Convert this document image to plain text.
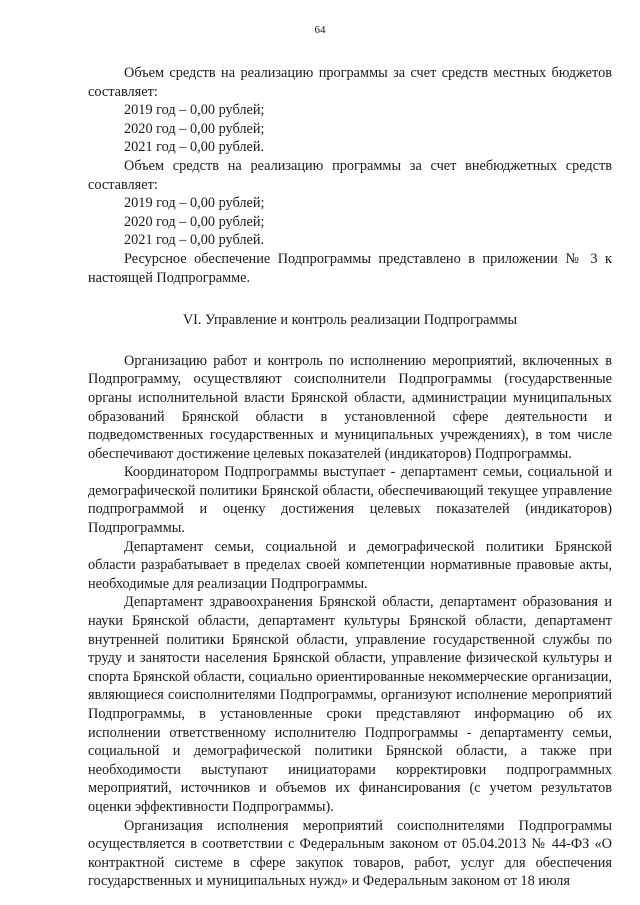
64

Объем средств на реализацию программы за счет средств местных бюджетов составляет:

2019 год – 0,00 рублей;

2020 год – 0,00 рублей;

2021 год – 0,00 рублей.

Объем средств на реализацию программы за счет внебюджетных средств составляет:

2019 год – 0,00 рублей;

2020 год – 0,00 рублей;

2021 год – 0,00 рублей.

Ресурсное обеспечение Подпрограммы представлено в приложении № 3 к настоящей Подпрограмме.

VI. Управление и контроль реализации Подпрограммы

Организацию работ и контроль по исполнению мероприятий, включенных в Подпрограмму, осуществляют соисполнители Подпрограммы (государственные органы исполнительной власти Брянской области, администрации муниципальных образований Брянской области в установленной сфере деятельности и подведомственных государственных и муниципальных учреждениях), в том числе обеспечивают достижение целевых показателей (индикаторов) Подпрограммы.

Координатором Подпрограммы выступает - департамент семьи, социальной и демографической политики Брянской области, обеспечивающий текущее управление подпрограммой и оценку достижения целевых показателей (индикаторов) Подпрограммы.

Департамент семьи, социальной и демографической политики Брянской области разрабатывает в пределах своей компетенции нормативные правовые акты, необходимые для реализации Подпрограммы.

Департамент здравоохранения Брянской области, департамент образования и науки Брянской области, департамент культуры Брянской области, департамент внутренней политики Брянской области, управление государственной службы по труду и занятости населения Брянской области, управление физической культуры и спорта Брянской области, социально ориентированные некоммерческие организации, являющиеся соисполнителями Подпрограммы, организуют исполнение мероприятий Подпрограммы, в установленные сроки представляют информацию об их исполнении ответственному исполнителю Подпрограммы - департаменту семьи, социальной и демографической политики Брянской области, а также при необходимости выступают инициаторами корректировки подпрограммных мероприятий, источников и объемов их финансирования (с учетом результатов оценки эффективности Подпрограммы).

Организация исполнения мероприятий соисполнителями Подпрограммы осуществляется в соответствии с Федеральным законом от 05.04.2013 № 44-ФЗ «О контрактной системе в сфере закупок товаров, работ, услуг для обеспечения государственных и муниципальных нужд» и Федеральным законом от 18 июля
